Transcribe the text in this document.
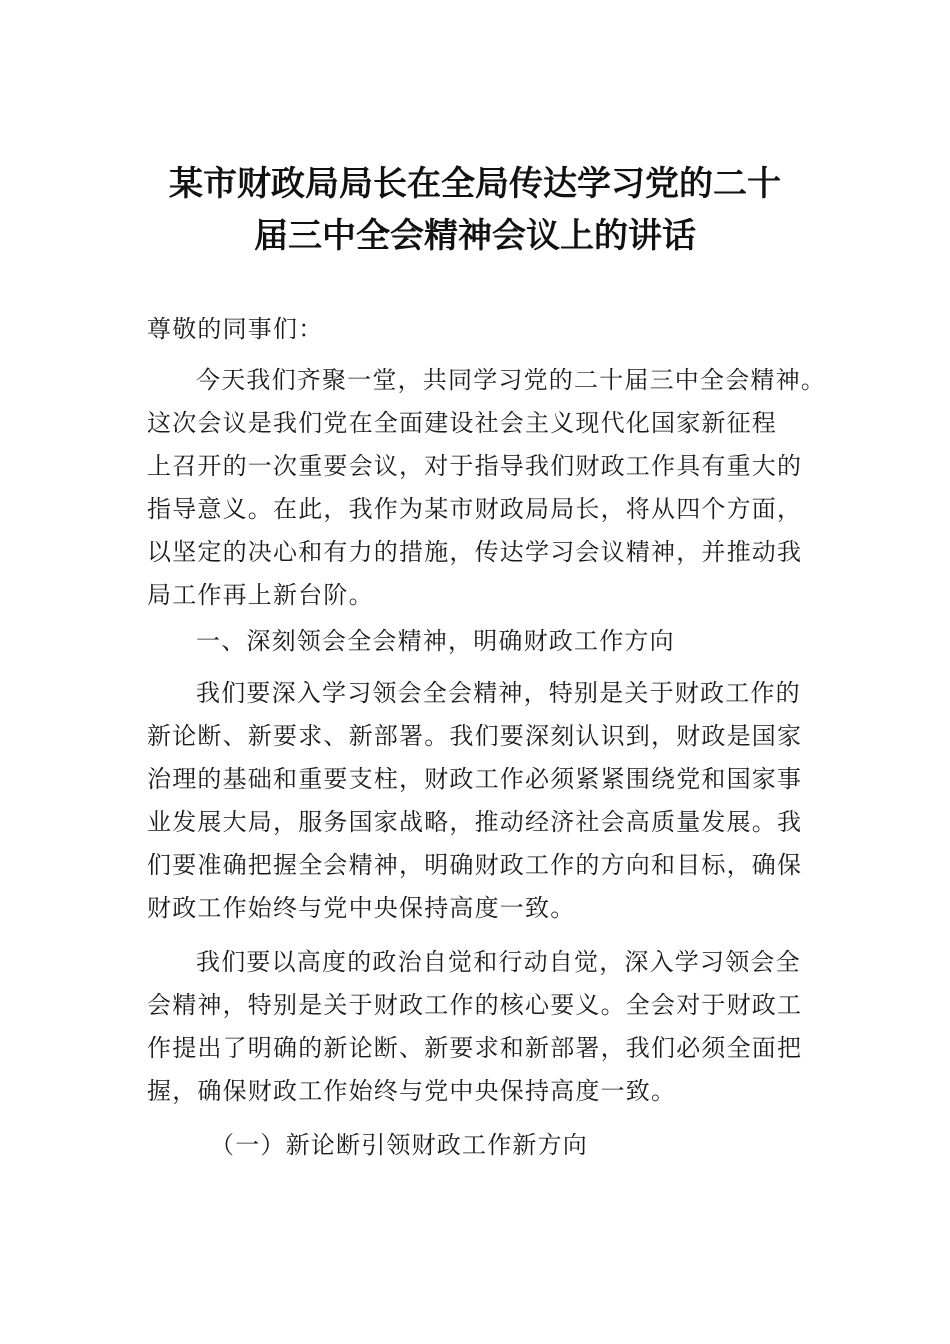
某市财政局局长在全局传达学习党的二十
届三中全会精神会议上的讲话

尊敬的同事们：

今天我们齐聚一堂，共同学习党的二十届三中全会精神。
这次会议是我们党在全面建设社会主义现代化国家新征程
上召开的一次重要会议，对于指导我们财政工作具有重大的
指导意义。在此，我作为某市财政局局长，将从四个方面，
以坚定的决心和有力的措施，传达学习会议精神，并推动我
局工作再上新台阶。

一、深刻领会全会精神，明确财政工作方向

我们要深入学习领会全会精神，特别是关于财政工作的
新论断、新要求、新部署。我们要深刻认识到，财政是国家
治理的基础和重要支柱，财政工作必须紧紧围绕党和国家事
业发展大局，服务国家战略，推动经济社会高质量发展。我
们要准确把握全会精神，明确财政工作的方向和目标，确保
财政工作始终与党中央保持高度一致。
我们要以高度的政治自觉和行动自觉，深入学习领会全
会精神，特别是关于财政工作的核心要义。全会对于财政工
作提出了明确的新论断、新要求和新部署，我们必须全面把
握，确保财政工作始终与党中央保持高度一致。

（一）新论断引领财政工作新方向
